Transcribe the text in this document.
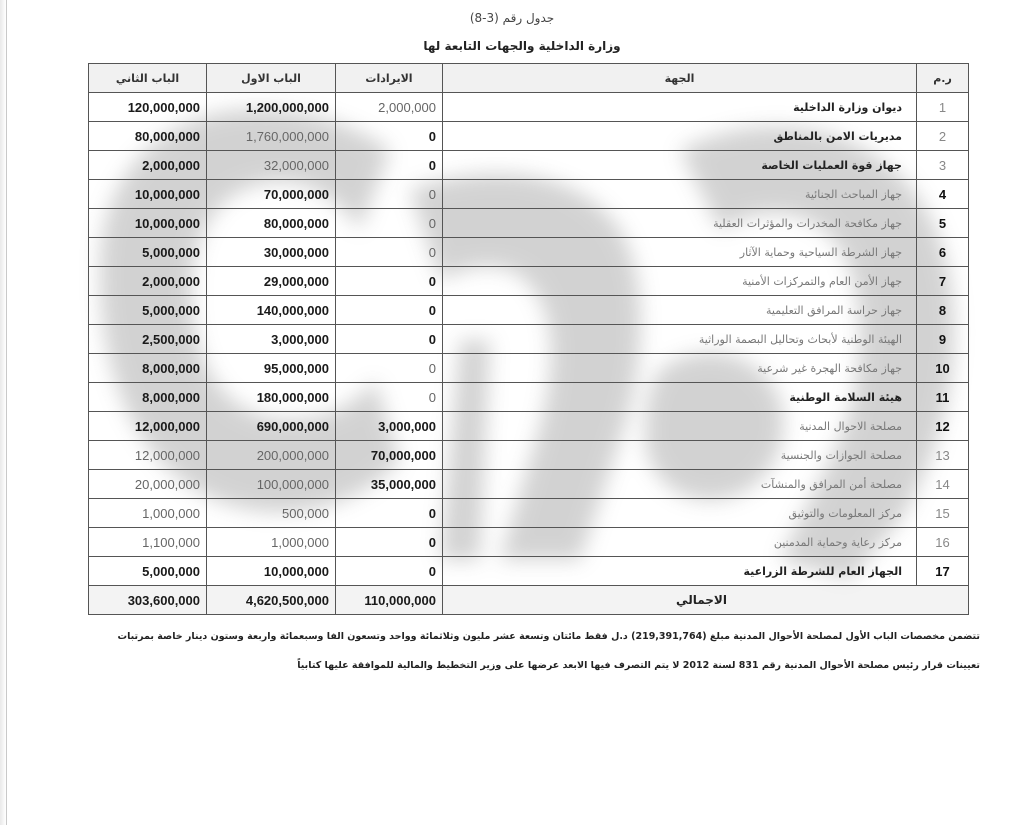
جدول رقم (3-8)
وزارة الداخلية والجهات التابعة لها
الباب الثاني	الباب الاول	الايرادات	الجهة	ر.م
120,000,000	1,200,000,000	2,000,000	ديوان وزارة الداخلية	1
80,000,000	1,760,000,000	0	مديريات الامن بالمناطق	2
2,000,000	32,000,000	0	جهاز قوة العمليات الخاصة	3
10,000,000	70,000,000	0	جهاز المباحث الجنائية	4
10,000,000	80,000,000	0	جهاز مكافحة المخدرات والمؤثرات العقلية	5
5,000,000	30,000,000	0	جهاز الشرطة السياحية وحماية الآثار	6
2,000,000	29,000,000	0	جهاز الأمن العام والتمركزات الأمنية	7
5,000,000	140,000,000	0	جهاز حراسة المرافق التعليمية	8
2,500,000	3,000,000	0	الهيئة الوطنية لأبحاث وتحاليل البصمة الوراثية	9
8,000,000	95,000,000	0	جهاز مكافحة الهجرة غير شرعية	10
8,000,000	180,000,000	0	هيئة السلامة الوطنية	11
12,000,000	690,000,000	3,000,000	مصلحة الاحوال المدنية	12
12,000,000	200,000,000	70,000,000	مصلحة الجوازات والجنسية	13
20,000,000	100,000,000	35,000,000	مصلحة أمن المرافق والمنشآت	14
1,000,000	500,000	0	مركز المعلومات والتوثيق	15
1,100,000	1,000,000	0	مركز رعاية وحماية المدمنين	16
5,000,000	10,000,000	0	الجهاز العام للشرطة الزراعية	17
303,600,000	4,620,500,000	110,000,000	الاجمالي	
تتضمن مخصصات الباب الأول لمصلحة الأحوال المدنية مبلغ (219,391,764) د.ل فقط مائتان وتسعة عشر مليون وثلاثمائة وواحد وتسعون الفا وسبعمائة واربعة وستون دينار خاصة بمرتبات
تعيينات قرار رئيس مصلحة الأحوال المدنية رقم 831 لسنة 2012 لا يتم التصرف فيها الابعد عرضها على وزير التخطيط والمالية للموافقة عليها كتابياً
